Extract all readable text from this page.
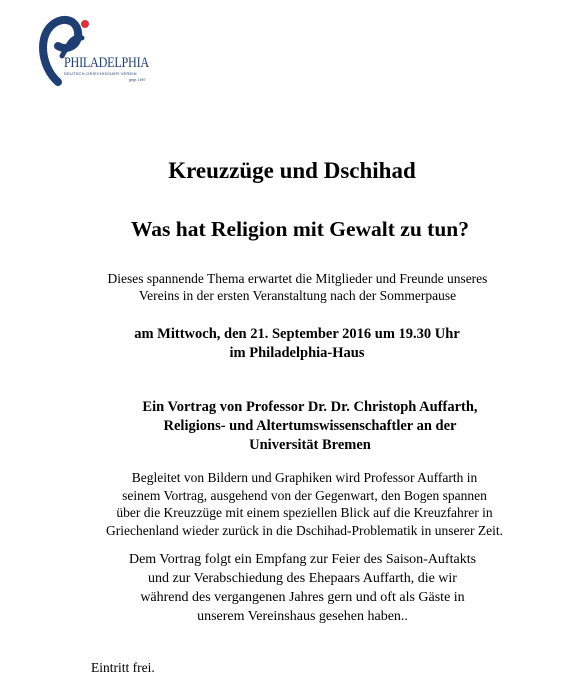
PHILADELPHIA
DEUTSCH-GRIECHISCHER VEREIN
gegr. 1997
Kreuzzüge und Dschihad
Was hat Religion mit Gewalt zu tun?
Dieses spannende Thema erwartet die Mitglieder und Freunde unseres
Vereins in der ersten Veranstaltung nach der Sommerpause
am Mittwoch, den 21. September 2016 um 19.30 Uhr
im Philadelphia-Haus
Ein Vortrag von Professor Dr. Dr. Christoph Auffarth,
Religions- und Altertumswissenschaftler an der
Universität Bremen
Begleitet von Bildern und Graphiken wird Professor Auffarth in
seinem Vortrag, ausgehend von der Gegenwart, den Bogen spannen
über die Kreuzzüge mit einem speziellen Blick auf die Kreuzfahrer in
Griechenland wieder zurück in die Dschihad-Problematik in unserer Zeit.
Dem Vortrag folgt ein Empfang zur Feier des Saison-Auftakts
und zur Verabschiedung des Ehepaars Auffarth, die wir
während des vergangenen Jahres gern und oft als Gäste in
unserem Vereinshaus gesehen haben..
Eintritt frei.
